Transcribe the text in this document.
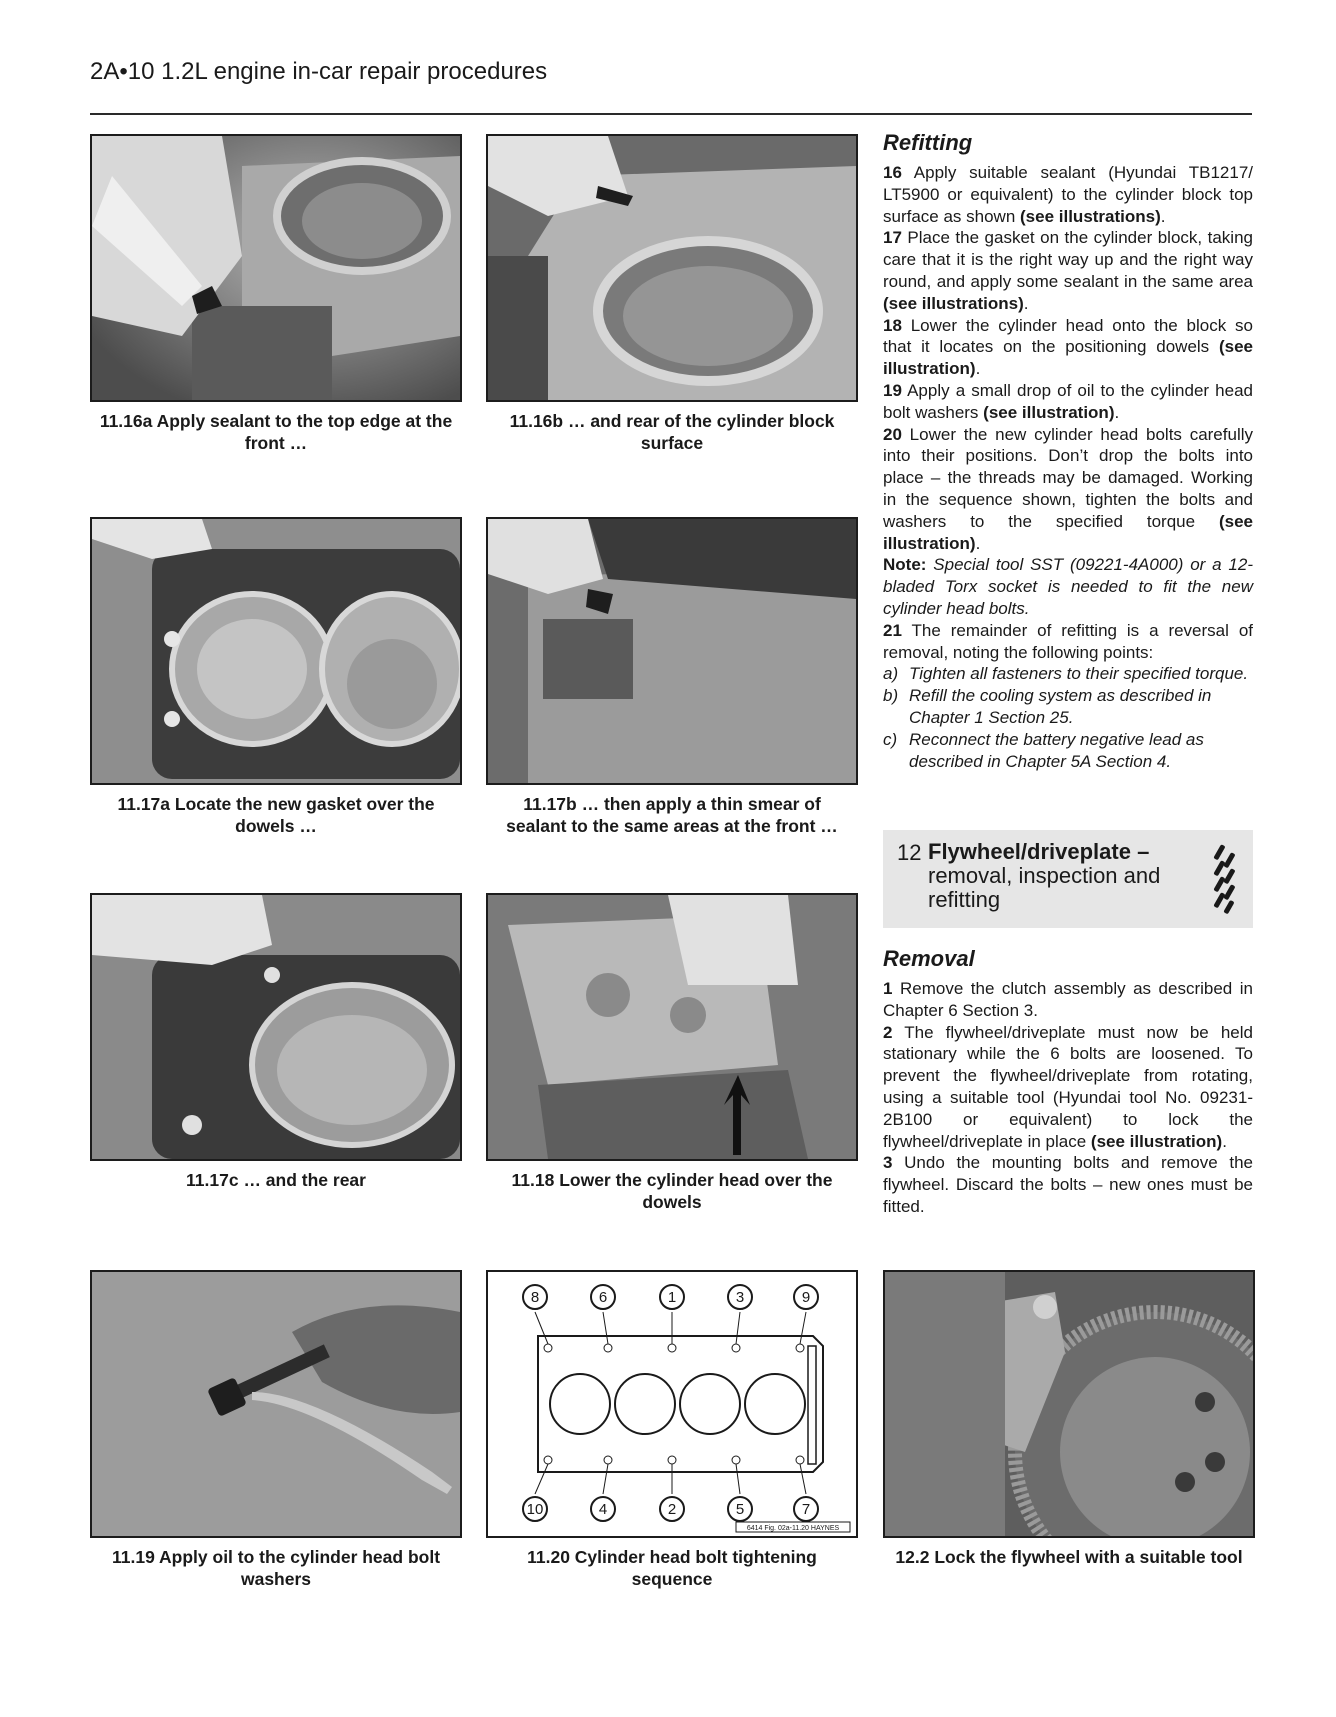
2A•10 1.2L engine in-car repair procedures
11.16a Apply sealant to the top edge at the front …
11.16b … and rear of the cylinder block surface
Refitting

16 Apply suitable sealant (Hyundai TB1217/ LT5900 or equivalent) to the cylinder block top surface as shown (see illustrations).

17 Place the gasket on the cylinder block, taking care that it is the right way up and the right way round, and apply some sealant in the same area (see illustrations).

18 Lower the cylinder head onto the block so that it locates on the positioning dowels (see illustration).

19 Apply a small drop of oil to the cylinder head bolt washers (see illustration).

20 Lower the new cylinder head bolts carefully into their positions. Don’t drop the bolts into place – the threads may be damaged. Working in the sequence shown, tighten the bolts and washers to the specified torque (see illustration).

Note: Special tool SST (09221-4A000) or a 12-bladed Torx socket is needed to fit the new cylinder head bolts.

21 The remainder of refitting is a reversal of removal, noting the following points:

a) Tighten all fasteners to their specified torque.
b) Refill the cooling system as described in Chapter 1 Section 25.
c) Reconnect the battery negative lead as described in Chapter 5A Section 4.
11.17a Locate the new gasket over the dowels …
11.17b … then apply a thin smear of sealant to the same areas at the front …
12 Flywheel/driveplate –
removal, inspection and
refitting
11.17c … and the rear	11.18 Lower the cylinder head over the dowels
Removal

1 Remove the clutch assembly as described in Chapter 6 Section 3.

2 The flywheel/driveplate must now be held stationary while the 6 bolts are loosened. To prevent the flywheel/driveplate from rotating, using a suitable tool (Hyundai tool No. 09231-2B100 or equivalent) to lock the flywheel/driveplate in place (see illustration).

3 Undo the mounting bolts and remove the flywheel. Discard the bolts – new ones must be fitted.

11.19 Apply oil to the cylinder head bolt washers
8	6	1	3	9
10	4	2	5	7
6414 Fig. 02a-11.20 HAYNES
11.20 Cylinder head bolt tightening sequence
12.2 Lock the flywheel with a suitable tool
